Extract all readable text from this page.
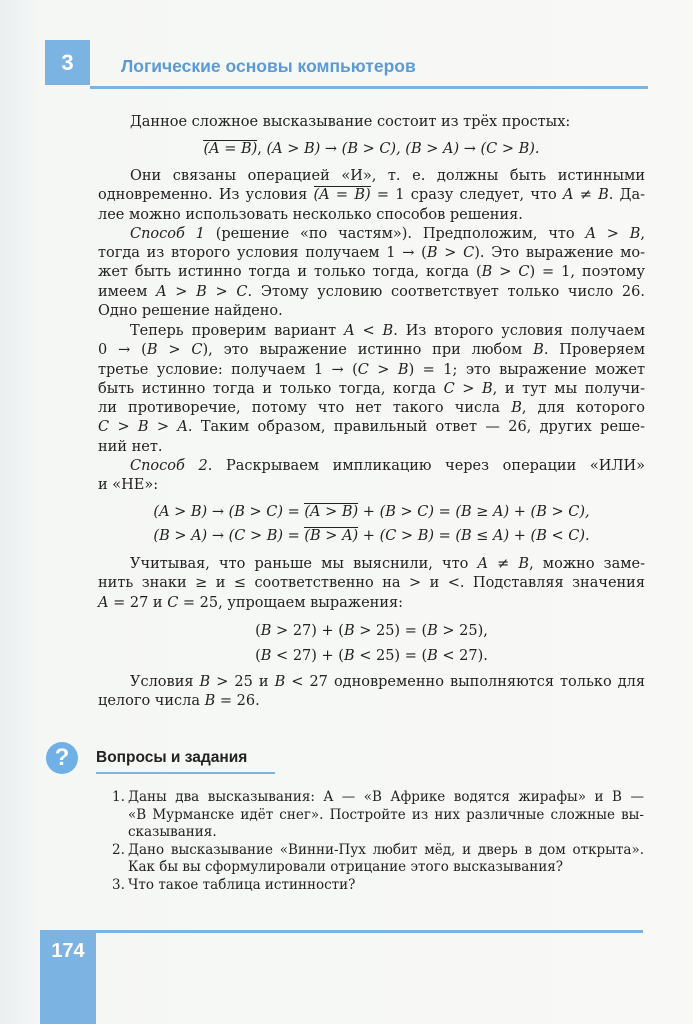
3	Логические основы компьютеров
Данное сложное высказывание состоит из трёх простых:
(A = B), (A > B) → (B > C), (B > A) → (C > B).
Они связаны операцией «И», т. е. должны быть истинными
одновременно. Из условия (A = B) = 1 сразу следует, что A ≠ B. Да-
лее можно использовать несколько способов решения.
Способ 1 (решение «по частям»). Предположим, что A > B,
тогда из второго условия получаем 1 → (B > C). Это выражение мо-
жет быть истинно тогда и только тогда, когда (B > C) = 1, поэтому
имеем A > B > C. Этому условию соответствует только число 26.
Одно решение найдено.
Теперь проверим вариант A < B. Из второго условия получаем
0 → (B > C), это выражение истинно при любом B. Проверяем
третье условие: получаем 1 → (C > B) = 1; это выражение может
быть истинно тогда и только тогда, когда C > B, и тут мы получи-
ли противоречие, потому что нет такого числа B, для которого
C > B > A. Таким образом, правильный ответ — 26, других реше-
ний нет.
Способ 2. Раскрываем импликацию через операции «ИЛИ»
и «НЕ»:
(A > B) → (B > C) = (A > B) + (B > C) = (B ≥ A) + (B > C),
(B > A) → (C > B) = (B > A) + (C > B) = (B ≤ A) + (B < C).
Учитывая, что раньше мы выяснили, что A ≠ B, можно заме-
нить знаки ≥ и ≤ соответственно на > и <. Подставляя значения
A = 27 и C = 25, упрощаем выражения:
(B > 27) + (B > 25) = (B > 25),
(B < 27) + (B < 25) = (B < 27).
Условия B > 25 и B < 27 одновременно выполняются только для
целого числа B = 26.
?	Вопросы и задания
1. Даны два высказывания: A — «В Африке водятся жирафы» и B —
«В Мурманске идёт снег». Постройте из них различные сложные вы-
сказывания.
2. Дано высказывание «Винни-Пух любит мёд, и дверь в дом открыта».
Как бы вы сформулировали отрицание этого высказывания?
3. Что такое таблица истинности?
174
